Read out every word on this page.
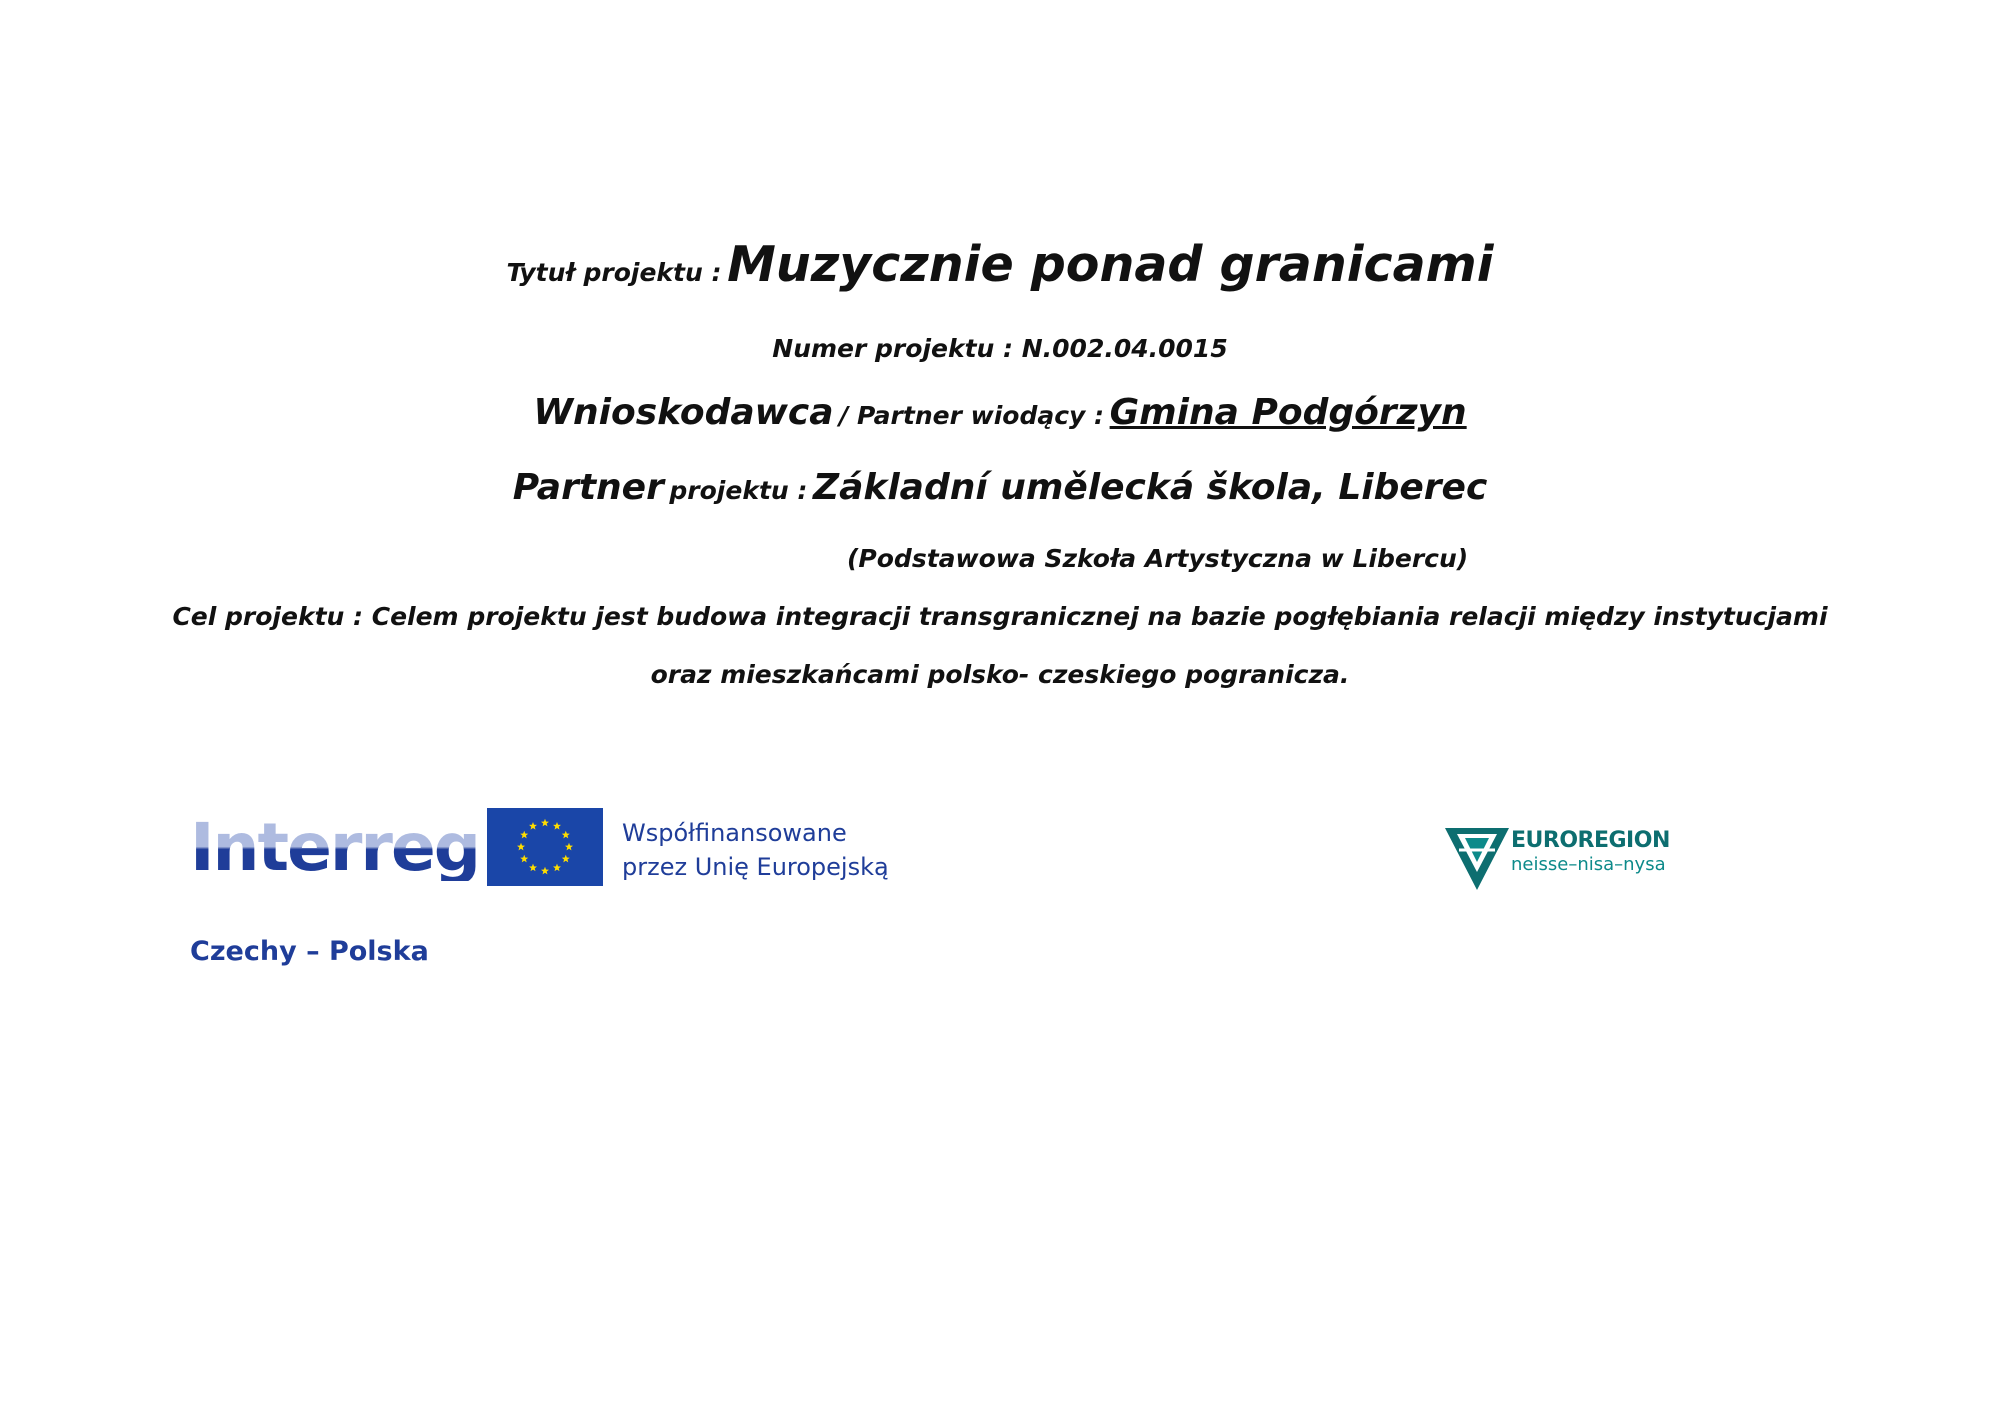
Tytuł projektu : Muzycznie ponad granicami
Numer projektu : N.002.04.0015
Wnioskodawca / Partner wiodący : Gmina Podgórzyn
Partner projektu : Základní umělecká škola, Liberec
(Podstawowa Szkoła Artystyczna w Libercu)
Cel projektu : Celem projektu jest budowa integracji transgranicznej na bazie pogłębiania relacji między instytucjami
oraz mieszkańcami polsko- czeskiego pogranicza.
Interreg
Czechy – Polska
Współfinansowane
przez Unię Europejską
EUROREGION
neisse–nisa–nysa
